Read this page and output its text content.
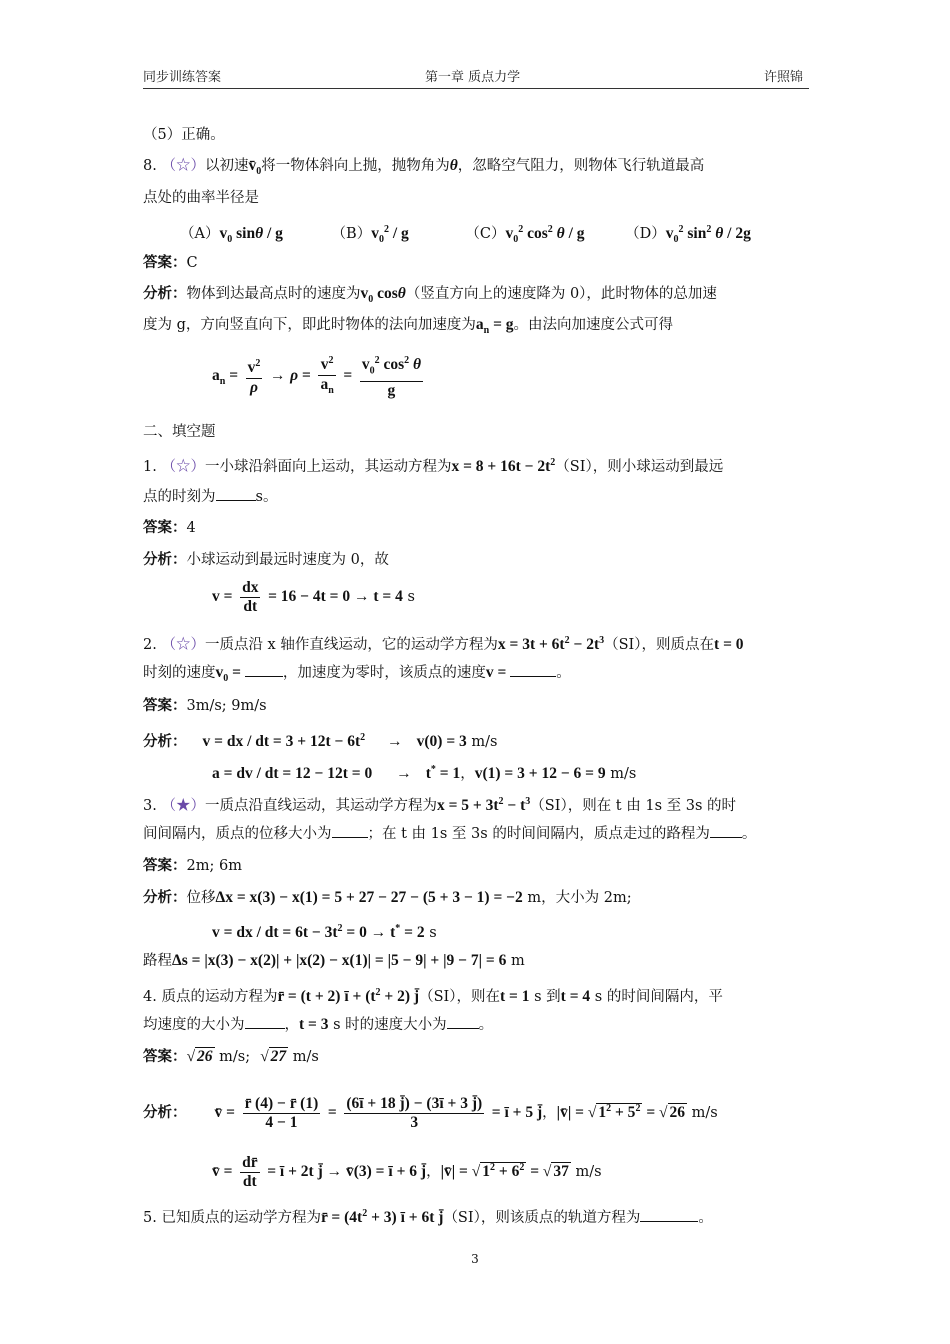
同步训练答案	第一章 质点力学	许照锦
（5）正确。
8. （☆）以初速$v̄_0$将一物体斜向上抛，抛物角为θ，忽略空气阻力，则物体飞行轨道最高
点处的曲率半径是
$(A)v_0$ sinθ / g	$(B)v_0^2$ / g	$(C)v_0^2$ $\cos^2 \theta$ / g	$(D)v_0^2$ $\sin^2 \theta / 2g$
答案：C
分析：物体到达最高点时的速度为$v_0$ cosθ（竖直方向上的速度降为 0），此时物体的总加速
度为 g，方向竖直向下，即此时物体的法向加速度为$a_n = g$。由法向加速度公式可得
$a_n = \frac{v^2}{\rho} \to \rho = \frac{v^2}{a_n} = \frac{v_0^2 \cos^2 \theta}{g}$
二、填空题
1. （☆）一小球沿斜面向上运动，其运动方程为$x = 8 + 16t - 2t^2(SI)$，则小球运动到最远
点的时刻为	s。
答案：4
分析：小球运动到最远时速度为 0，故
$v = \frac{dx}{dt} = 16 - 4t = 0 \to t = 4$ s
2. （☆）一质点沿 x 轴作直线运动，它的运动学方程为$x = 3t + 6t^2 - 2t^3(SI)$，则质点在t = 0
时刻的速度$v_0$ =	，加速度为零时，该质点的速度v =	。
答案：3m/s; 9m/s
分析： v = dx / dt = $3 + 12t - 6t^2 \to v(0) = 3$ m/s
a = dv / dt = 12 − 12t = 0 → t* = 1，v(1) = 3 + 12 − 6 = 9 m/s
3. （★）一质点沿直线运动，其运动学方程为$x = 5 + 3t^2 - t^3(SI)$，则在 t 由 1s 至 3s 的时
间间隔内，质点的位移大小为 ；在 t 由 1s 至 3s 的时间间隔内，质点走过的路程为 。
答案：2m; 6m
分析：位移Δx = x(3) − x(1) = 5 + 27 − 27 − (5 + 3 − 1) = −2 m，大小为 2m;
v = dx / dt = $6t - 3t^2 = 0 \to t^* = 2$ s
路程Δs = |x(3) − x(2)| + |x(2) − x(1)| = |5 − 9| + |9 − 7| = 6 m
4. 质点的运动方程为r̄ = (t + 2) ī + $(t^2 + 2)$ j̄（SI），则在t = 1 s 到t = 4 s 的时间间隔内，平
均速度的大小为	，t = 3 s 时的速度大小为 。
答案：√ 26 m/s; √ 27 m/s
分析： v̄ = $\frac{r̄ (4) - r̄ (1)}{4 - 1} = \frac{(6ī + 18 j̄) - (3ī + 3 j̄)}{3}$ = ī + 5 j̄，|v̄| = √ $1^2 + 5^2$ = √ 26 m/s
v̄ = $\frac{dr̄}{dt}$ = ī + 2t j̄ → v̄(3) = ī + 6 j̄，|v̄| = √ $1^2 + 6^2$ = √ 37 m/s
5. 已知质点的运动学方程为r̄ = $(4t^2 + 3)$ ī + 6t j̄（SI），则该质点的轨道方程为	。
3
